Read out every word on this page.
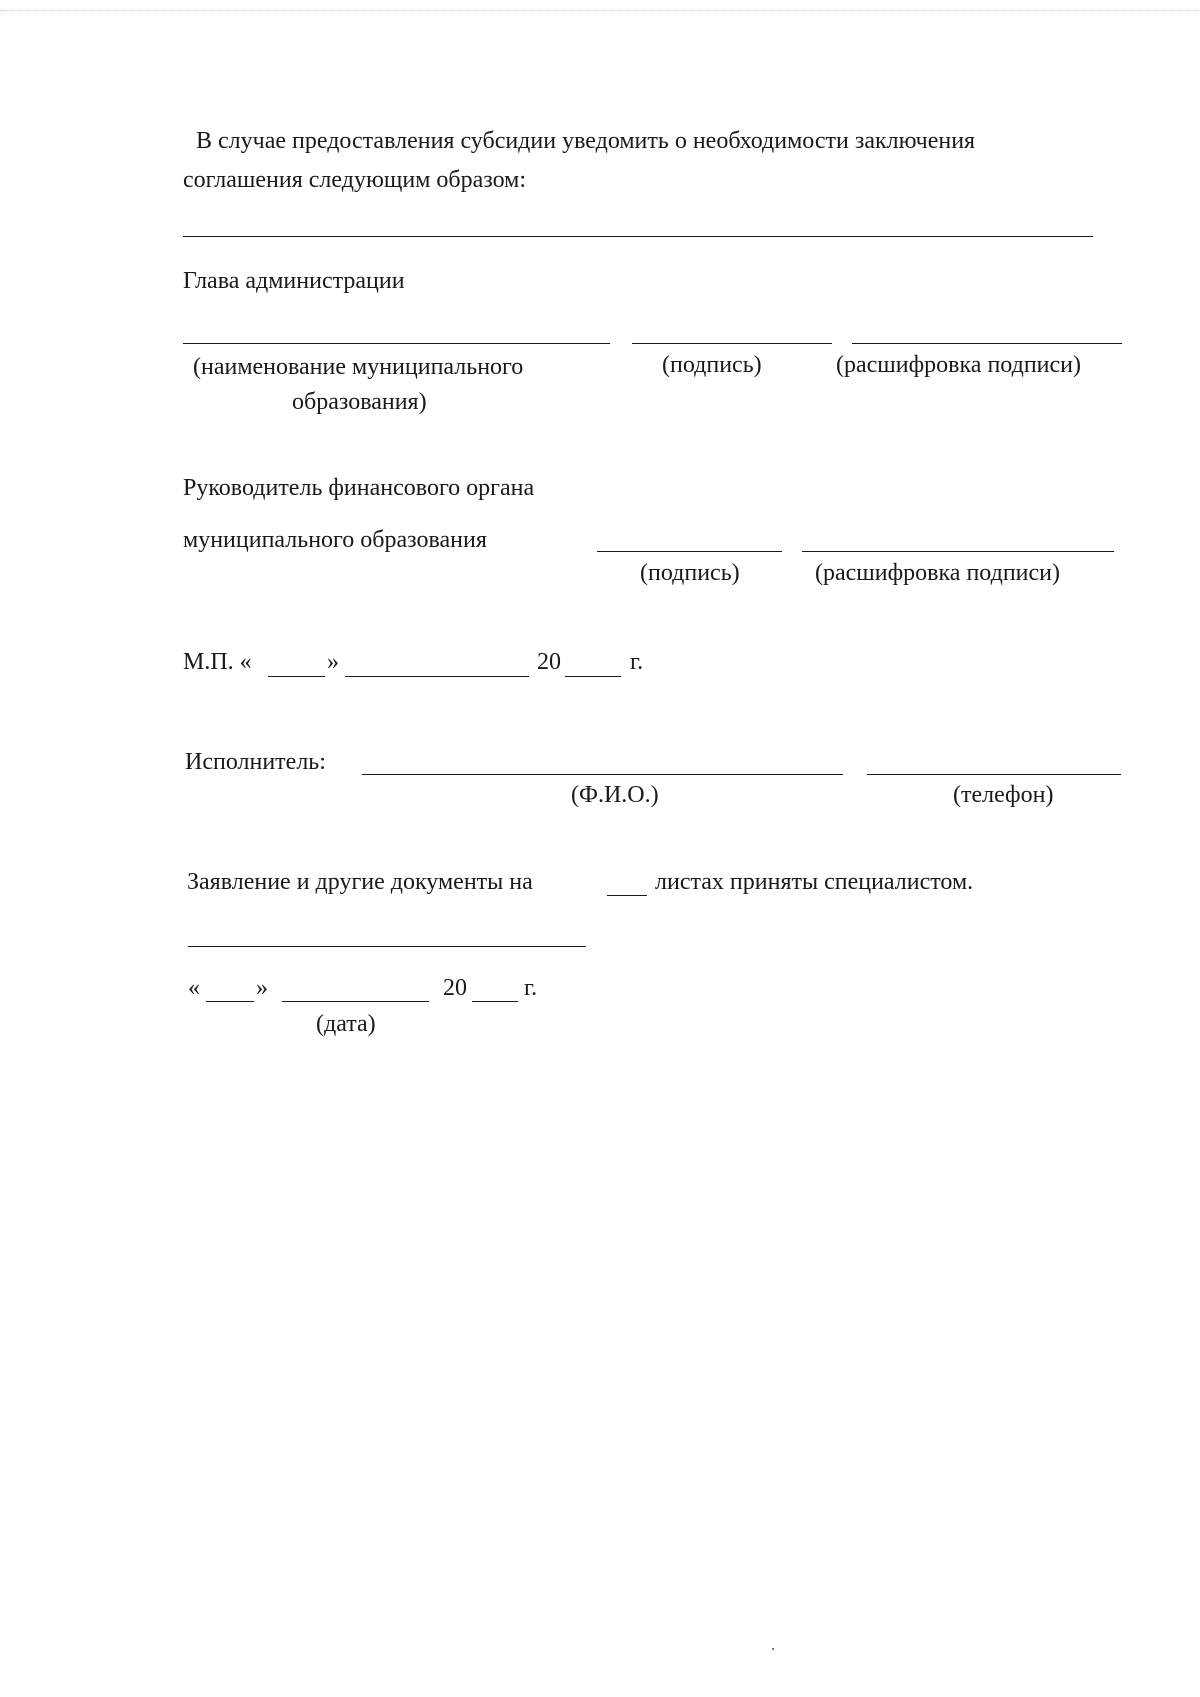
В случае предоставления субсидии уведомить о необходимости заключения
соглашения следующим образом:
Глава администрации
(наименование муниципального
образования)
(подпись)	(расшифровка подписи)
Руководитель финансового органа
муниципального образования
(подпись)	(расшифровка подписи)
М.П. «	»	20	г.
Исполнитель:
(Ф.И.О.)	(телефон)
Заявление и другие документы на	листах приняты специалистом.
« »	20 г.
(дата)
